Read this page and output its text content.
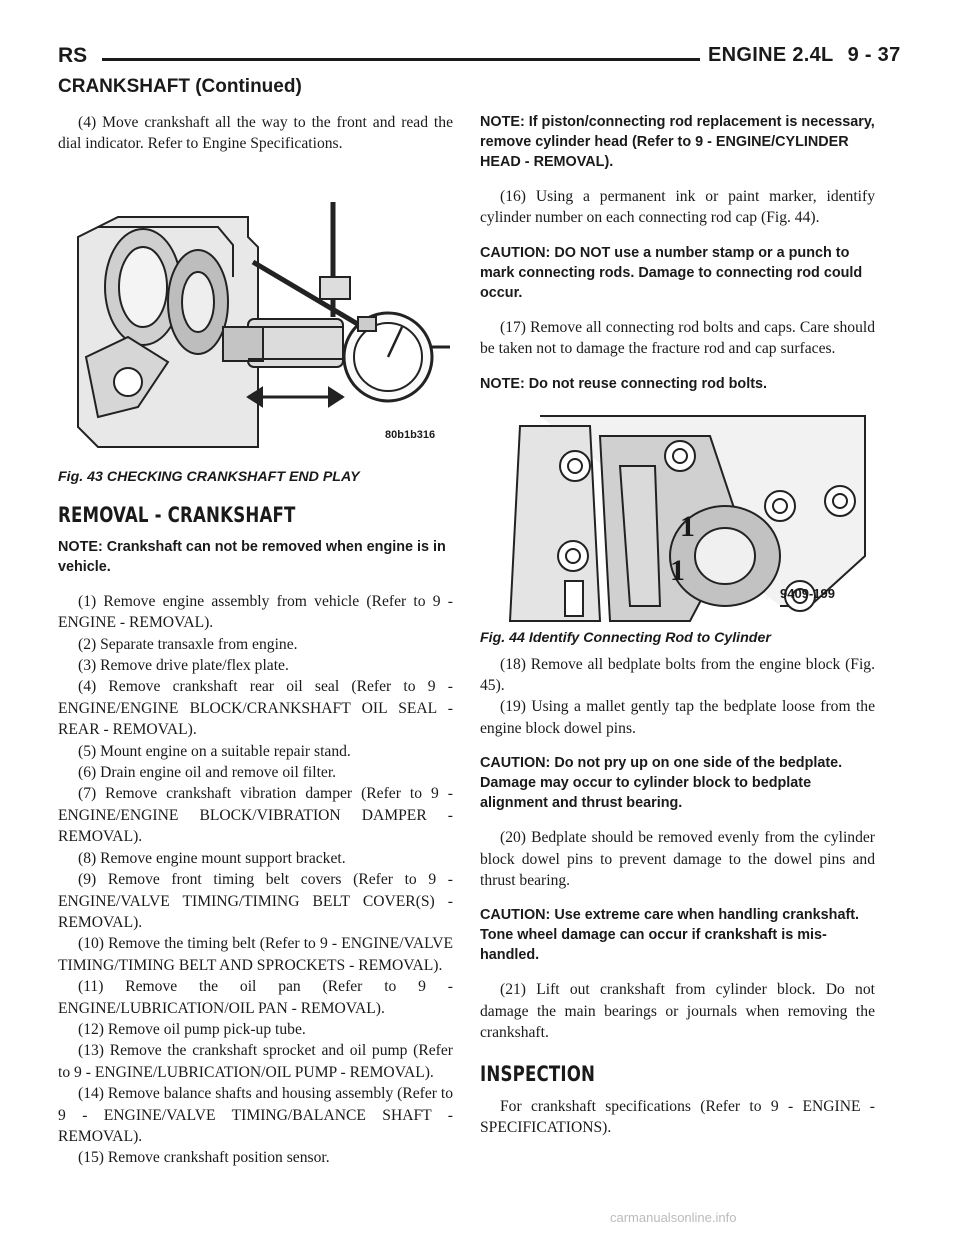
RS	ENGINE 2.4L 9 - 37
CRANKSHAFT (Continued)

(4) Move crankshaft all the way to the front and read the dial indicator. Refer to Engine Specifications.

80b1b316
Fig. 43 CHECKING CRANKSHAFT END PLAY
REMOVAL - CRANKSHAFT

NOTE: Crankshaft can not be removed when engine is in vehicle.

(1) Remove engine assembly from vehicle (Refer to 9 - ENGINE - REMOVAL).

(2) Separate transaxle from engine.

(3) Remove drive plate/flex plate.

(4) Remove crankshaft rear oil seal (Refer to 9 - ENGINE/ENGINE BLOCK/CRANKSHAFT OIL SEAL - REAR - REMOVAL).

(5) Mount engine on a suitable repair stand.

(6) Drain engine oil and remove oil filter.

(7) Remove crankshaft vibration damper (Refer to 9 - ENGINE/ENGINE BLOCK/VIBRATION DAMPER - REMOVAL).

(8) Remove engine mount support bracket.

(9) Remove front timing belt covers (Refer to 9 - ENGINE/VALVE TIMING/TIMING BELT COVER(S) - REMOVAL).

(10) Remove the timing belt (Refer to 9 - ENGINE/VALVE TIMING/TIMING BELT AND SPROCKETS - REMOVAL).

(11) Remove the oil pan (Refer to 9 - ENGINE/LUBRICATION/OIL PAN - REMOVAL).

(12) Remove oil pump pick-up tube.

(13) Remove the crankshaft sprocket and oil pump (Refer to 9 - ENGINE/LUBRICATION/OIL PUMP - REMOVAL).

(14) Remove balance shafts and housing assembly (Refer to 9 - ENGINE/VALVE TIMING/BALANCE SHAFT - REMOVAL).

(15) Remove crankshaft position sensor.

NOTE: If piston/connecting rod replacement is necessary, remove cylinder head (Refer to 9 - ENGINE/CYLINDER HEAD - REMOVAL).

(16) Using a permanent ink or paint marker, identify cylinder number on each connecting rod cap (Fig. 44).

CAUTION: DO NOT use a number stamp or a punch to mark connecting rods. Damage to connecting rod could occur.

(17) Remove all connecting rod bolts and caps. Care should be taken not to damage the fracture rod and cap surfaces.

NOTE: Do not reuse connecting rod bolts.

1
1
9409-199
Fig. 44 Identify Connecting Rod to Cylinder

(18) Remove all bedplate bolts from the engine block (Fig. 45).

(19) Using a mallet gently tap the bedplate loose from the engine block dowel pins.

CAUTION: Do not pry up on one side of the bedplate. Damage may occur to cylinder block to bedplate alignment and thrust bearing.

(20) Bedplate should be removed evenly from the cylinder block dowel pins to prevent damage to the dowel pins and thrust bearing.

CAUTION: Use extreme care when handling crankshaft. Tone wheel damage can occur if crankshaft is mis-handled.

(21) Lift out crankshaft from cylinder block. Do not damage the main bearings or journals when removing the crankshaft.

INSPECTION

For crankshaft specifications (Refer to 9 - ENGINE - SPECIFICATIONS).

carmanualsonline.info
